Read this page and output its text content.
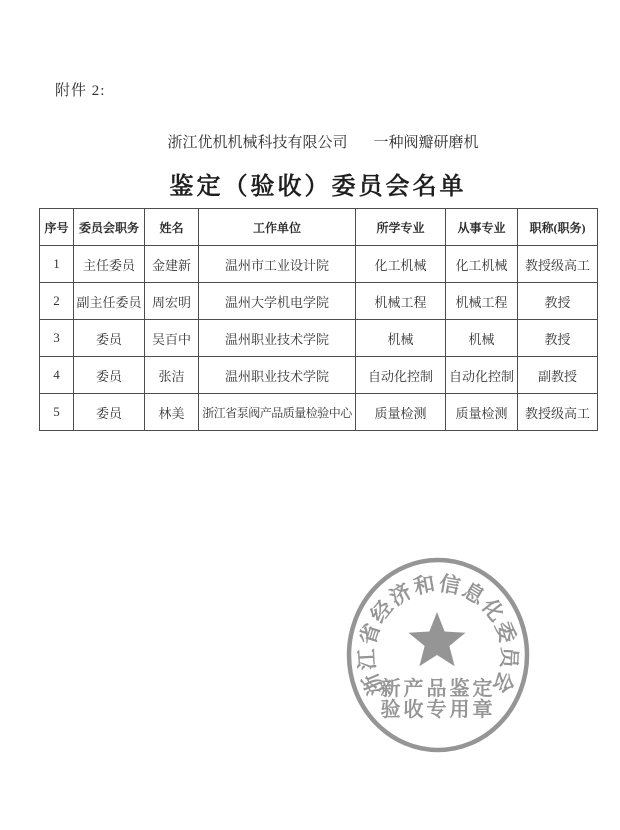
附件 2:
浙江优机机械科技有限公司 一种阀瓣研磨机
鉴定（验收）委员会名单
序号	委员会职务	姓名	工作单位	所学专业	从事专业	职称(职务)
1	主任委员	金建新	温州市工业设计院	化工机械	化工机械	教授级高工
2	副主任委员	周宏明	温州大学机电学院	机械工程	机械工程	教授
3	委员	吴百中	温州职业技术学院	机械	机械	教授
4	委员	张洁	温州职业技术学院	自动化控制	自动化控制	副教授
5	委员	林美	浙江省泵阀产品质量检验中心	质量检测	质量检测	教授级高工
浙江省经济和信息化委员会
新产品鉴定
验收专用章
